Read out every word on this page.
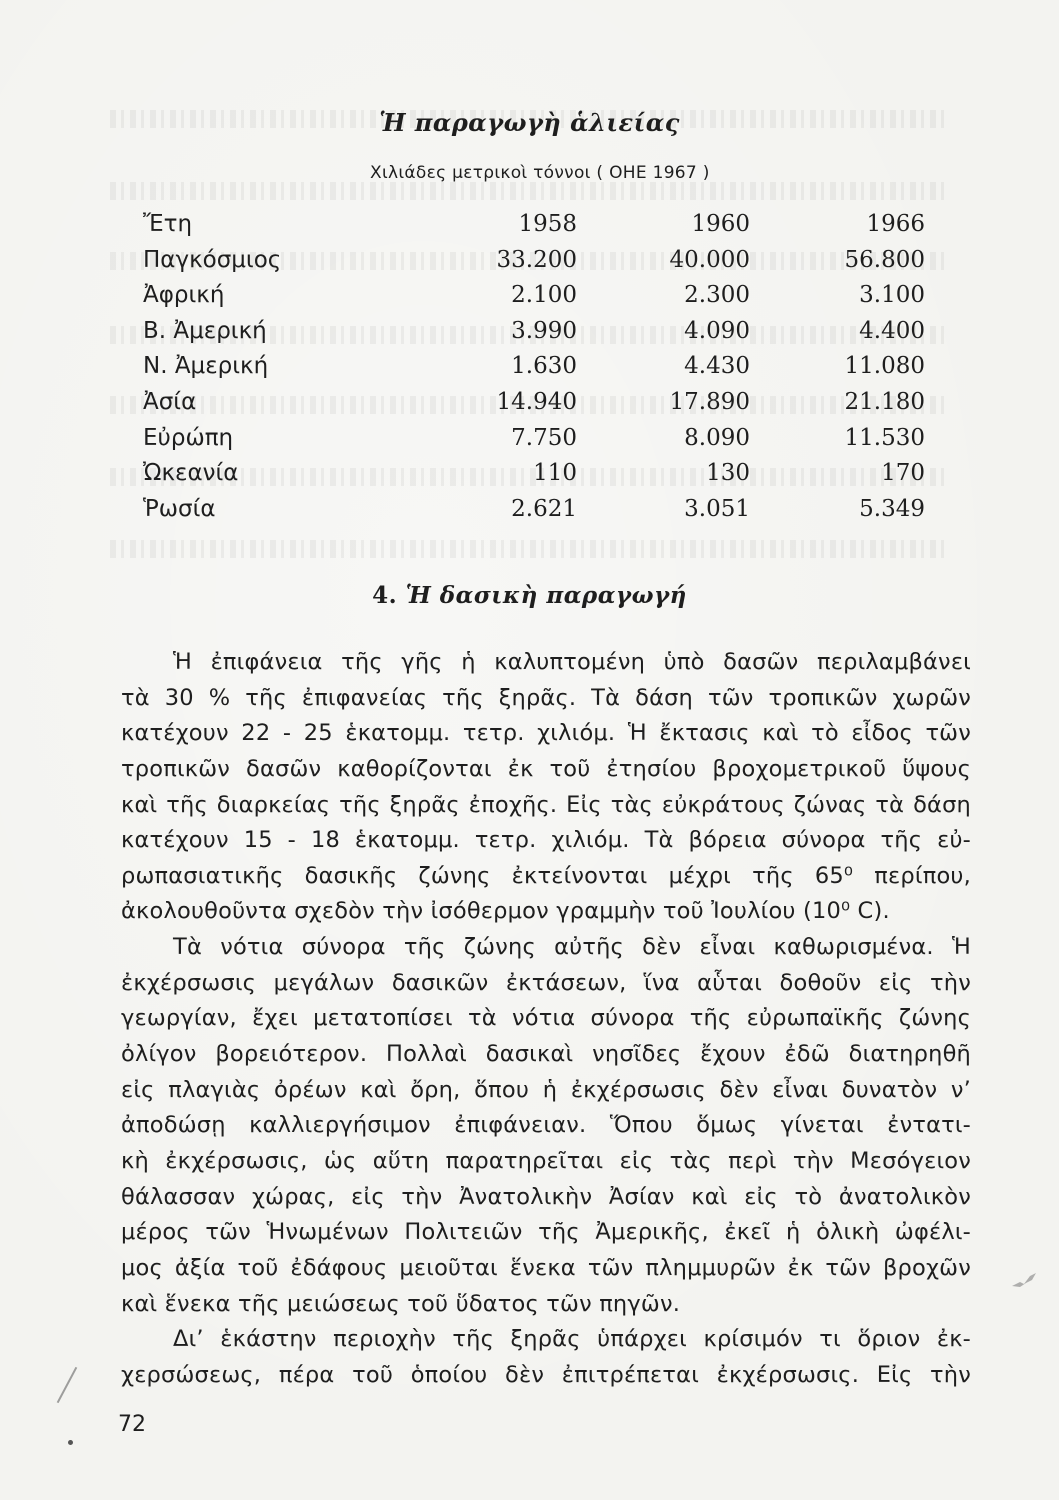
Ἡ παραγωγὴ ἁλιείας
Χιλιάδες μετρικοὶ τόννοι ( ΟΗΕ 1967 )
Ἔτη	1958	1960	1966
Παγκόσμιος	33.200	40.000	56.800
Ἀφρική	2.100	2.300	3.100
Β. Ἀμερική	3.990	4.090	4.400
Ν. Ἀμερική	1.630	4.430	11.080
Ἀσία	14.940	17.890	21.180
Εὐρώπη	7.750	8.090	11.530
Ὠκεανία	110	130	170
Ῥωσία	2.621	3.051	5.349
4. Ἡ δασικὴ παραγωγή
Ἡ ἐπιφάνεια τῆς γῆς ἡ καλυπτομένη ὑπὸ δασῶν περιλαμβάνει
τὰ 30 % τῆς ἐπιφανείας τῆς ξηρᾶς. Τὰ δάση τῶν τροπικῶν χωρῶν
κατέχουν 22 - 25 ἑκατομμ. τετρ. χιλιόμ. Ἡ ἔκτασις καὶ τὸ εἶδος τῶν
τροπικῶν δασῶν καθορίζονται ἐκ τοῦ ἐτησίου βροχομετρικοῦ ὕψους
καὶ τῆς διαρκείας τῆς ξηρᾶς ἐποχῆς. Εἰς τὰς εὐκράτους ζώνας τὰ δάση
κατέχουν 15 - 18 ἑκατομμ. τετρ. χιλιόμ. Τὰ βόρεια σύνορα τῆς εὐ-
ρωπασιατικῆς δασικῆς ζώνης ἐκτείνονται μέχρι τῆς 65⁰ περίπου,
ἀκολουθοῦντα σχεδὸν τὴν ἰσόθερμον γραμμὴν τοῦ Ἰουλίου (10⁰ C).
Τὰ νότια σύνορα τῆς ζώνης αὐτῆς δὲν εἶναι καθωρισμένα. Ἡ
ἐκχέρσωσις μεγάλων δασικῶν ἐκτάσεων, ἵνα αὗται δοθοῦν εἰς τὴν
γεωργίαν, ἔχει μετατοπίσει τὰ νότια σύνορα τῆς εὐρωπαϊκῆς ζώνης
ὀλίγον βορειότερον. Πολλαὶ δασικαὶ νησῖδες ἔχουν ἐδῶ διατηρηθῆ
εἰς πλαγιὰς ὀρέων καὶ ὄρη, ὅπου ἡ ἐκχέρσωσις δὲν εἶναι δυνατὸν ν’
ἀποδώσῃ καλλιεργήσιμον ἐπιφάνειαν. Ὅπου ὅμως γίνεται ἐντατι-
κὴ ἐκχέρσωσις, ὡς αὕτη παρατηρεῖται εἰς τὰς περὶ τὴν Μεσόγειον
θάλασσαν χώρας, εἰς τὴν Ἀνατολικὴν Ἀσίαν καὶ εἰς τὸ ἀνατολικὸν
μέρος τῶν Ἡνωμένων Πολιτειῶν τῆς Ἀμερικῆς, ἐκεῖ ἡ ὁλικὴ ὠφέλι-
μος ἀξία τοῦ ἐδάφους μειοῦται ἕνεκα τῶν πλημμυρῶν ἐκ τῶν βροχῶν
καὶ ἕνεκα τῆς μειώσεως τοῦ ὕδατος τῶν πηγῶν.
Δι’ ἑκάστην περιοχὴν τῆς ξηρᾶς ὑπάρχει κρίσιμόν τι ὅριον ἐκ-
χερσώσεως, πέρα τοῦ ὁποίου δὲν ἐπιτρέπεται ἐκχέρσωσις. Εἰς τὴν
72
